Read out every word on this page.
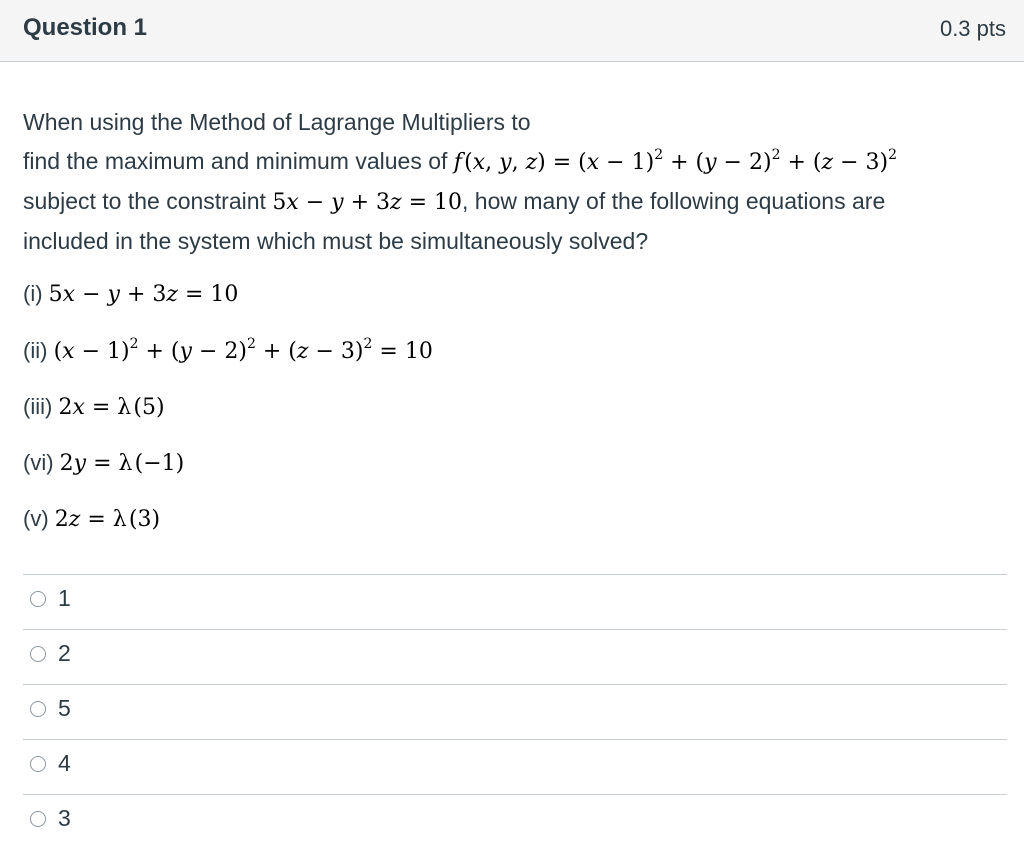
Question 1	0.3 pts

When using the Method of Lagrange Multipliers to
find the maximum and minimum values of f (x, y, $z) = (x - 1)^2 + (y - 2)^2 + (z - 3)^2$
subject to the constraint 5x − y + 3z = 10, how many of the following equations are
included in the system which must be simultaneously solved?

(i) 5x − y + 3z = 10
(ii) $(x - 1)^2 + (y - 2)^2 + (z - 3)^2 = 10$
(iii) 2x = λ (5)
(vi) 2y = λ (−1)
(v) 2z = λ (3)
1
2
5
4
3
